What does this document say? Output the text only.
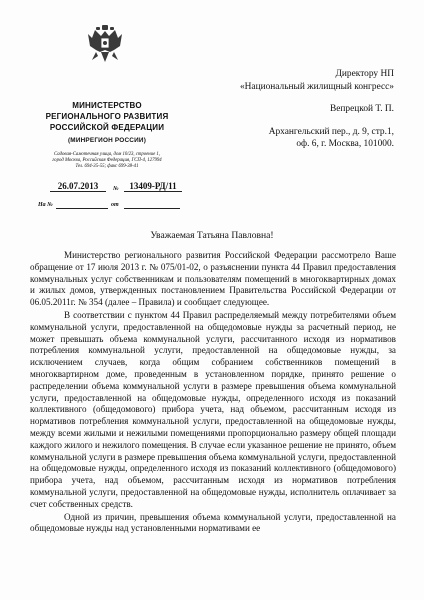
МИНИСТЕРСТВО
РЕГИОНАЛЬНОГО РАЗВИТИЯ
РОССИЙСКОЙ ФЕДЕРАЦИИ
(МИНРЕГИОН РОССИИ)
Садовая-Самотечная улица, дом 10/23, строение 1,
город Москва, Российская Федерация, ГСП-4, 127994
Тел. 694-35-55; факс 699-38-41
26.07.2013	№	13409-РД/11
На №	от
Директору НП
«Национальный жилищный конгресс»
Вепрецкой Т. П.
Архангельский пер., д. 9, стр.1,
оф. 6, г. Москва, 101000.
Уважаемая Татьяна Павловна!

Министерство регионального развития Российской Федерации рассмотрело Ваше обращение от 17 июля 2013 г. № 075/01-02, о разъяснении пункта 44 Правил предоставления коммунальных услуг собственникам и пользователям помещений в многоквартирных домах и жилых домов, утвержденных постановлением Правительства Российской Федерации от 06.05.2011г. № 354 (далее – Правила) и сообщает следующее.

В соответствии с пунктом 44 Правил распределяемый между потребителями объем коммунальной услуги, предоставленной на общедомовые нужды за расчетный период, не может превышать объема коммунальной услуги, рассчитанного исходя из нормативов потребления коммунальной услуги, предоставленной на общедомовые нужды, за исключением случаев, когда общим собранием собственников помещений в многоквартирном доме, проведенным в установленном порядке, принято решение о распределении объема коммунальной услуги в размере превышения объема коммунальной услуги, предоставленной на общедомовые нужды, определенного исходя из показаний коллективного (общедомового) прибора учета, над объемом, рассчитанным исходя из нормативов потребления коммунальной услуги, предоставленной на общедомовые нужды, между всеми жилыми и нежилыми помещениями пропорционально размеру общей площади каждого жилого и нежилого помещения. В случае если указанное решение не принято, объем коммунальной услуги в размере превышения объема коммунальной услуги, предоставленной на общедомовые нужды, определенного исходя из показаний коллективного (общедомового) прибора учета, над объемом, рассчитанным исходя из нормативов потребления коммунальной услуги, предоставленной на общедомовые нужды, исполнитель оплачивает за счет собственных средств.

Одной из причин, превышения объема коммунальной услуги, предоставленной на общедомовые нужды над установленными нормативами ее
